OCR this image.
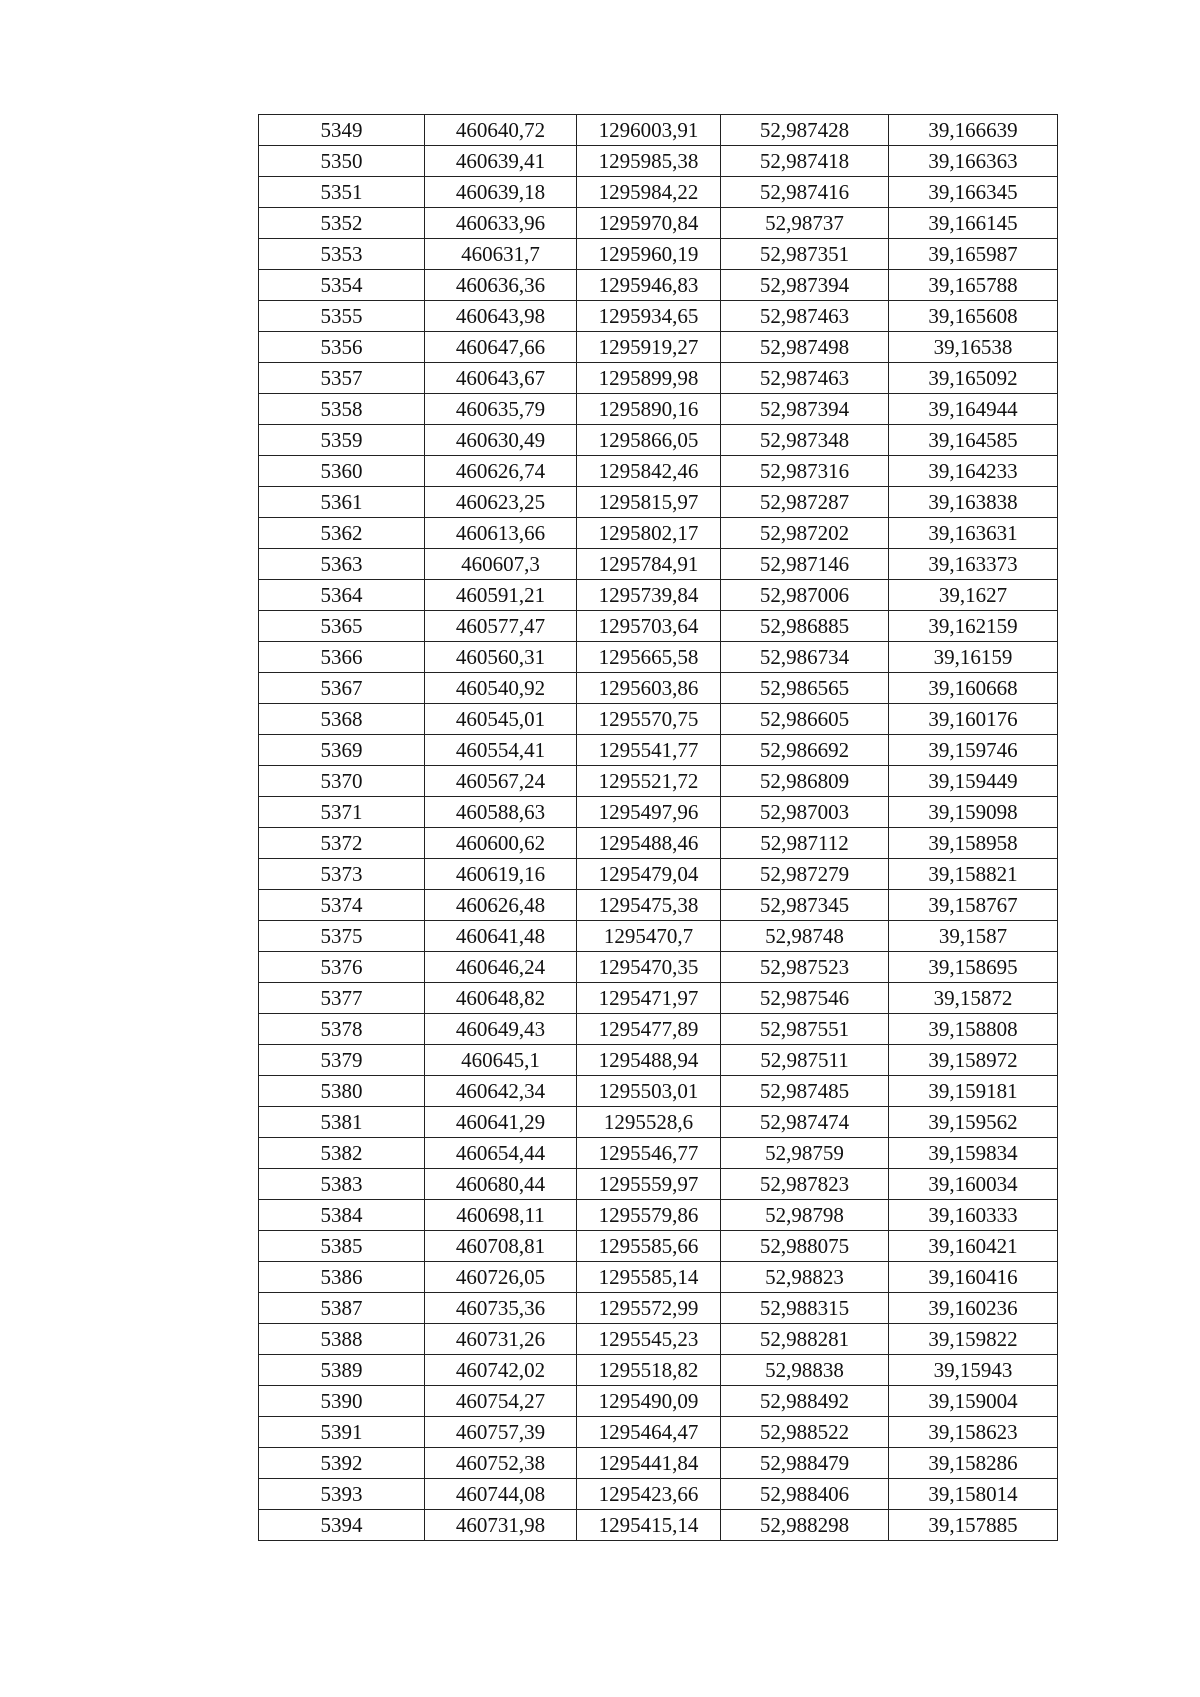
5349	460640,72	1296003,91	52,987428	39,166639
5350	460639,41	1295985,38	52,987418	39,166363
5351	460639,18	1295984,22	52,987416	39,166345
5352	460633,96	1295970,84	52,98737	39,166145
5353	460631,7	1295960,19	52,987351	39,165987
5354	460636,36	1295946,83	52,987394	39,165788
5355	460643,98	1295934,65	52,987463	39,165608
5356	460647,66	1295919,27	52,987498	39,16538
5357	460643,67	1295899,98	52,987463	39,165092
5358	460635,79	1295890,16	52,987394	39,164944
5359	460630,49	1295866,05	52,987348	39,164585
5360	460626,74	1295842,46	52,987316	39,164233
5361	460623,25	1295815,97	52,987287	39,163838
5362	460613,66	1295802,17	52,987202	39,163631
5363	460607,3	1295784,91	52,987146	39,163373
5364	460591,21	1295739,84	52,987006	39,1627
5365	460577,47	1295703,64	52,986885	39,162159
5366	460560,31	1295665,58	52,986734	39,16159
5367	460540,92	1295603,86	52,986565	39,160668
5368	460545,01	1295570,75	52,986605	39,160176
5369	460554,41	1295541,77	52,986692	39,159746
5370	460567,24	1295521,72	52,986809	39,159449
5371	460588,63	1295497,96	52,987003	39,159098
5372	460600,62	1295488,46	52,987112	39,158958
5373	460619,16	1295479,04	52,987279	39,158821
5374	460626,48	1295475,38	52,987345	39,158767
5375	460641,48	1295470,7	52,98748	39,1587
5376	460646,24	1295470,35	52,987523	39,158695
5377	460648,82	1295471,97	52,987546	39,15872
5378	460649,43	1295477,89	52,987551	39,158808
5379	460645,1	1295488,94	52,987511	39,158972
5380	460642,34	1295503,01	52,987485	39,159181
5381	460641,29	1295528,6	52,987474	39,159562
5382	460654,44	1295546,77	52,98759	39,159834
5383	460680,44	1295559,97	52,987823	39,160034
5384	460698,11	1295579,86	52,98798	39,160333
5385	460708,81	1295585,66	52,988075	39,160421
5386	460726,05	1295585,14	52,98823	39,160416
5387	460735,36	1295572,99	52,988315	39,160236
5388	460731,26	1295545,23	52,988281	39,159822
5389	460742,02	1295518,82	52,98838	39,15943
5390	460754,27	1295490,09	52,988492	39,159004
5391	460757,39	1295464,47	52,988522	39,158623
5392	460752,38	1295441,84	52,988479	39,158286
5393	460744,08	1295423,66	52,988406	39,158014
5394	460731,98	1295415,14	52,988298	39,157885
